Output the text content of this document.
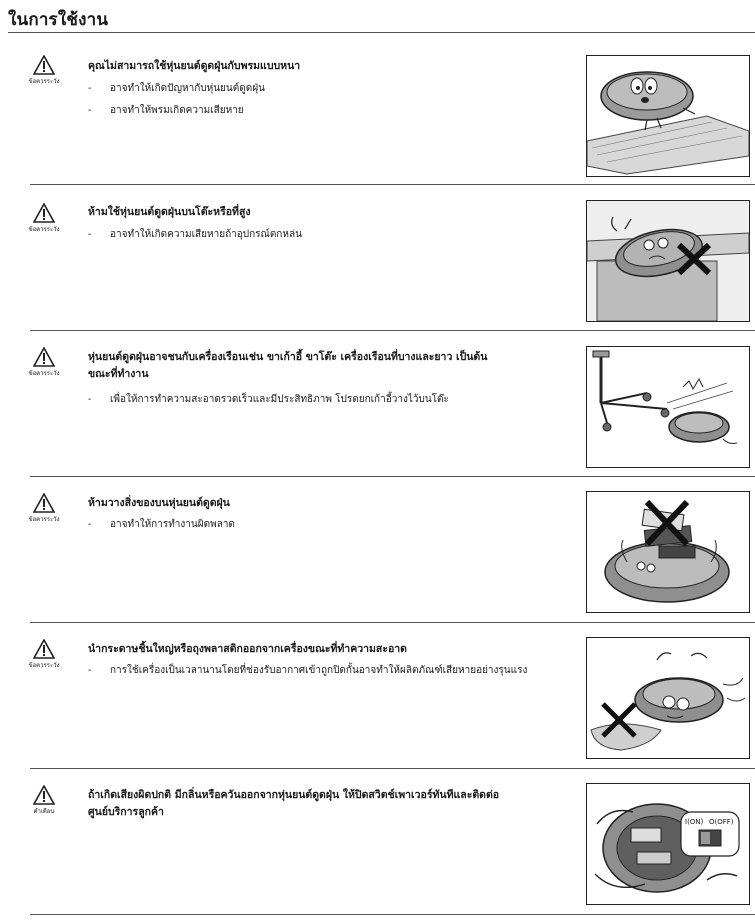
ในการใช้งาน
ข้อควรระวัง
คุณไม่สามารถใช้หุ่นยนต์ดูดฝุ่นกับพรมแบบหนา
- อาจทำให้เกิดปัญหากับหุ่นยนต์ดูดฝุ่น
- อาจทำให้พรมเกิดความเสียหาย
ข้อควรระวัง
ห้ามใช้หุ่นยนต์ดูดฝุ่นบนโต๊ะหรือที่สูง
- อาจทำให้เกิดความเสียหายถ้าอุปกรณ์ตกหล่น
ข้อควรระวัง
หุ่นยนต์ดูดฝุ่นอาจชนกับเครื่องเรือนเช่น ขาเก้าอี้ ขาโต๊ะ เครื่องเรือนที่บางและยาว เป็นต้น
ขณะที่ทำงาน
- เพื่อให้การทำความสะอาดรวดเร็วและมีประสิทธิภาพ โปรดยกเก้าอี้วางไว้บนโต๊ะ
ข้อควรระวัง
ห้ามวางสิ่งของบนหุ่นยนต์ดูดฝุ่น
- อาจทำให้การทำงานผิดพลาด
ข้อควรระวัง
นำกระดาษชิ้นใหญ่หรือถุงพลาสติกออกจากเครื่องขณะที่ทำความสะอาด
- การใช้เครื่องเป็นเวลานานโดยที่ช่องรับอากาศเข้าถูกปิดกั้นอาจทำให้ผลิตภัณฑ์เสียหายอย่างรุนแรง
คำเตือน
ถ้าเกิดเสียงผิดปกติ มีกลิ่นหรือควันออกจากหุ่นยนต์ดูดฝุ่น ให้ปิดสวิตช์เพาเวอร์ทันทีและติดต่อ
ศูนย์บริการลูกค้า
I(ON) O(OFF)
